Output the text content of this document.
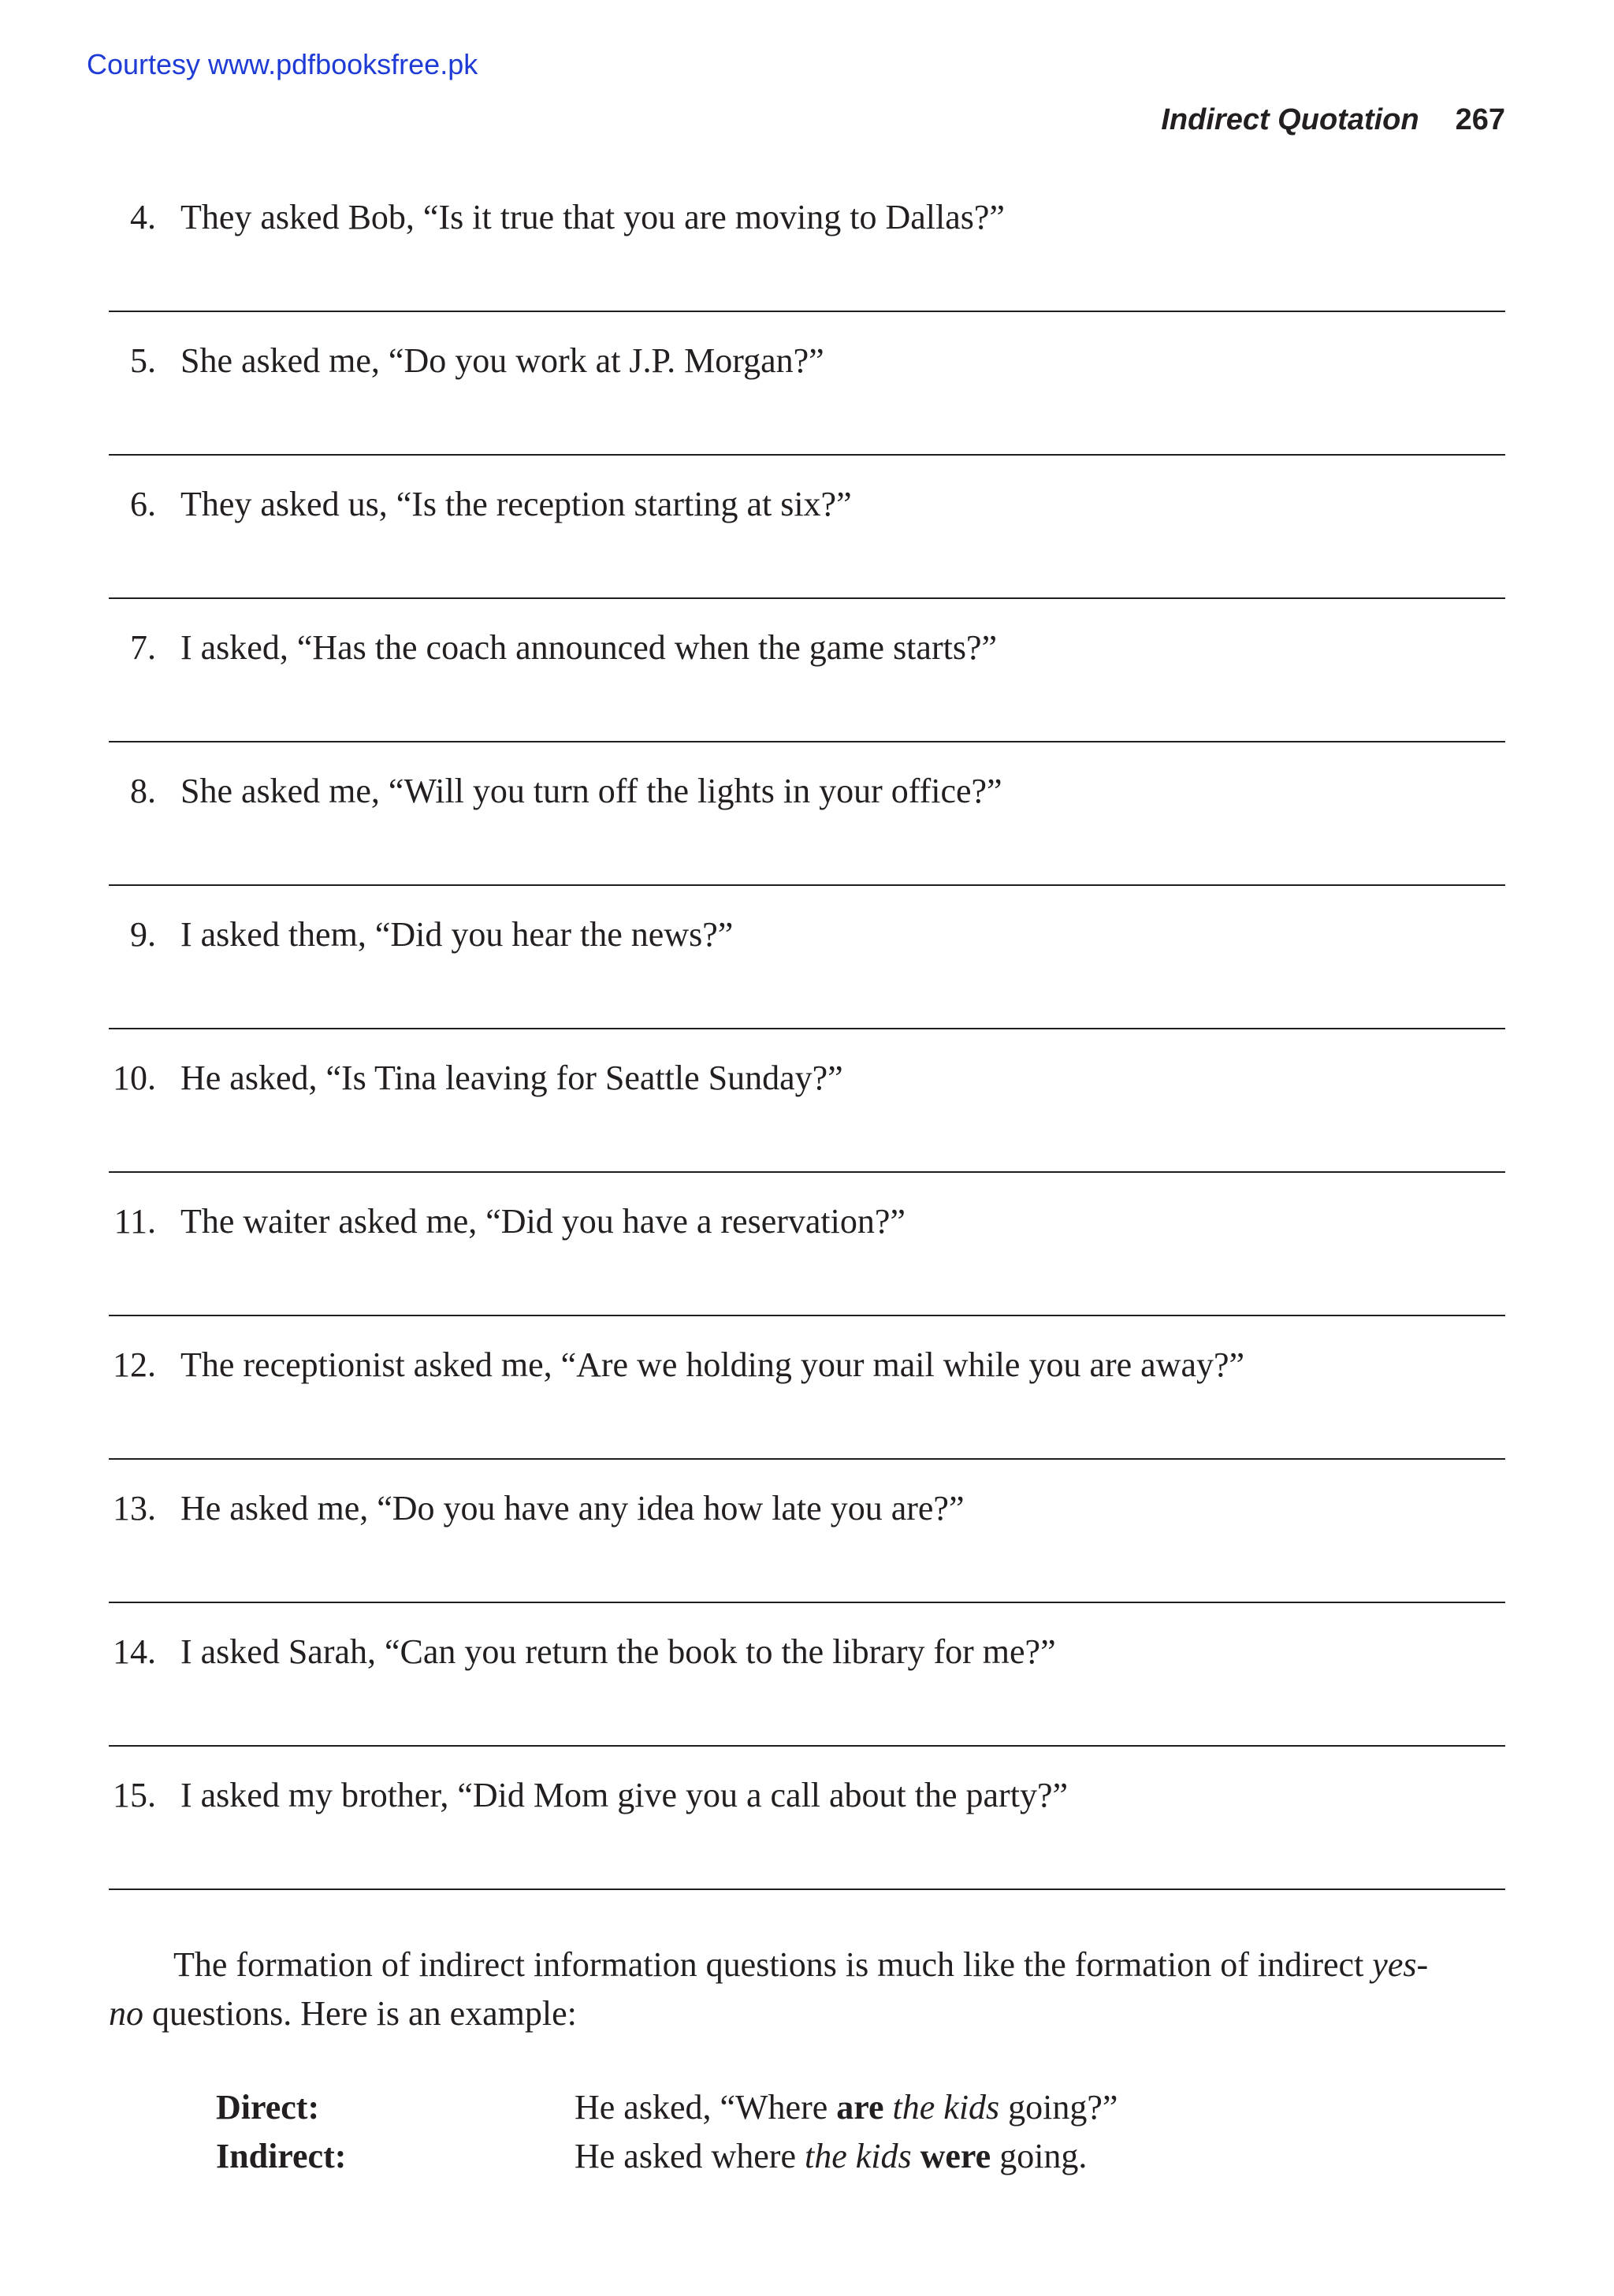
Courtesy www.pdfbooksfree.pk
Indirect Quotation 267
4. They asked Bob, “Is it true that you are moving to Dallas?”
5. She asked me, “Do you work at J.P. Morgan?”
6. They asked us, “Is the reception starting at six?”
7. I asked, “Has the coach announced when the game starts?”
8. She asked me, “Will you turn off the lights in your office?”
9. I asked them, “Did you hear the news?”
10. He asked, “Is Tina leaving for Seattle Sunday?”
11. The waiter asked me, “Did you have a reservation?”
12. The receptionist asked me, “Are we holding your mail while you are away?”
13. He asked me, “Do you have any idea how late you are?”
14. I asked Sarah, “Can you return the book to the library for me?”
15. I asked my brother, “Did Mom give you a call about the party?”

The formation of indirect information questions is much like the formation of indirect yes-
no questions. Here is an example:

Direct:	He asked, “Where are the kids going?”
Indirect:	He asked where the kids were going.
